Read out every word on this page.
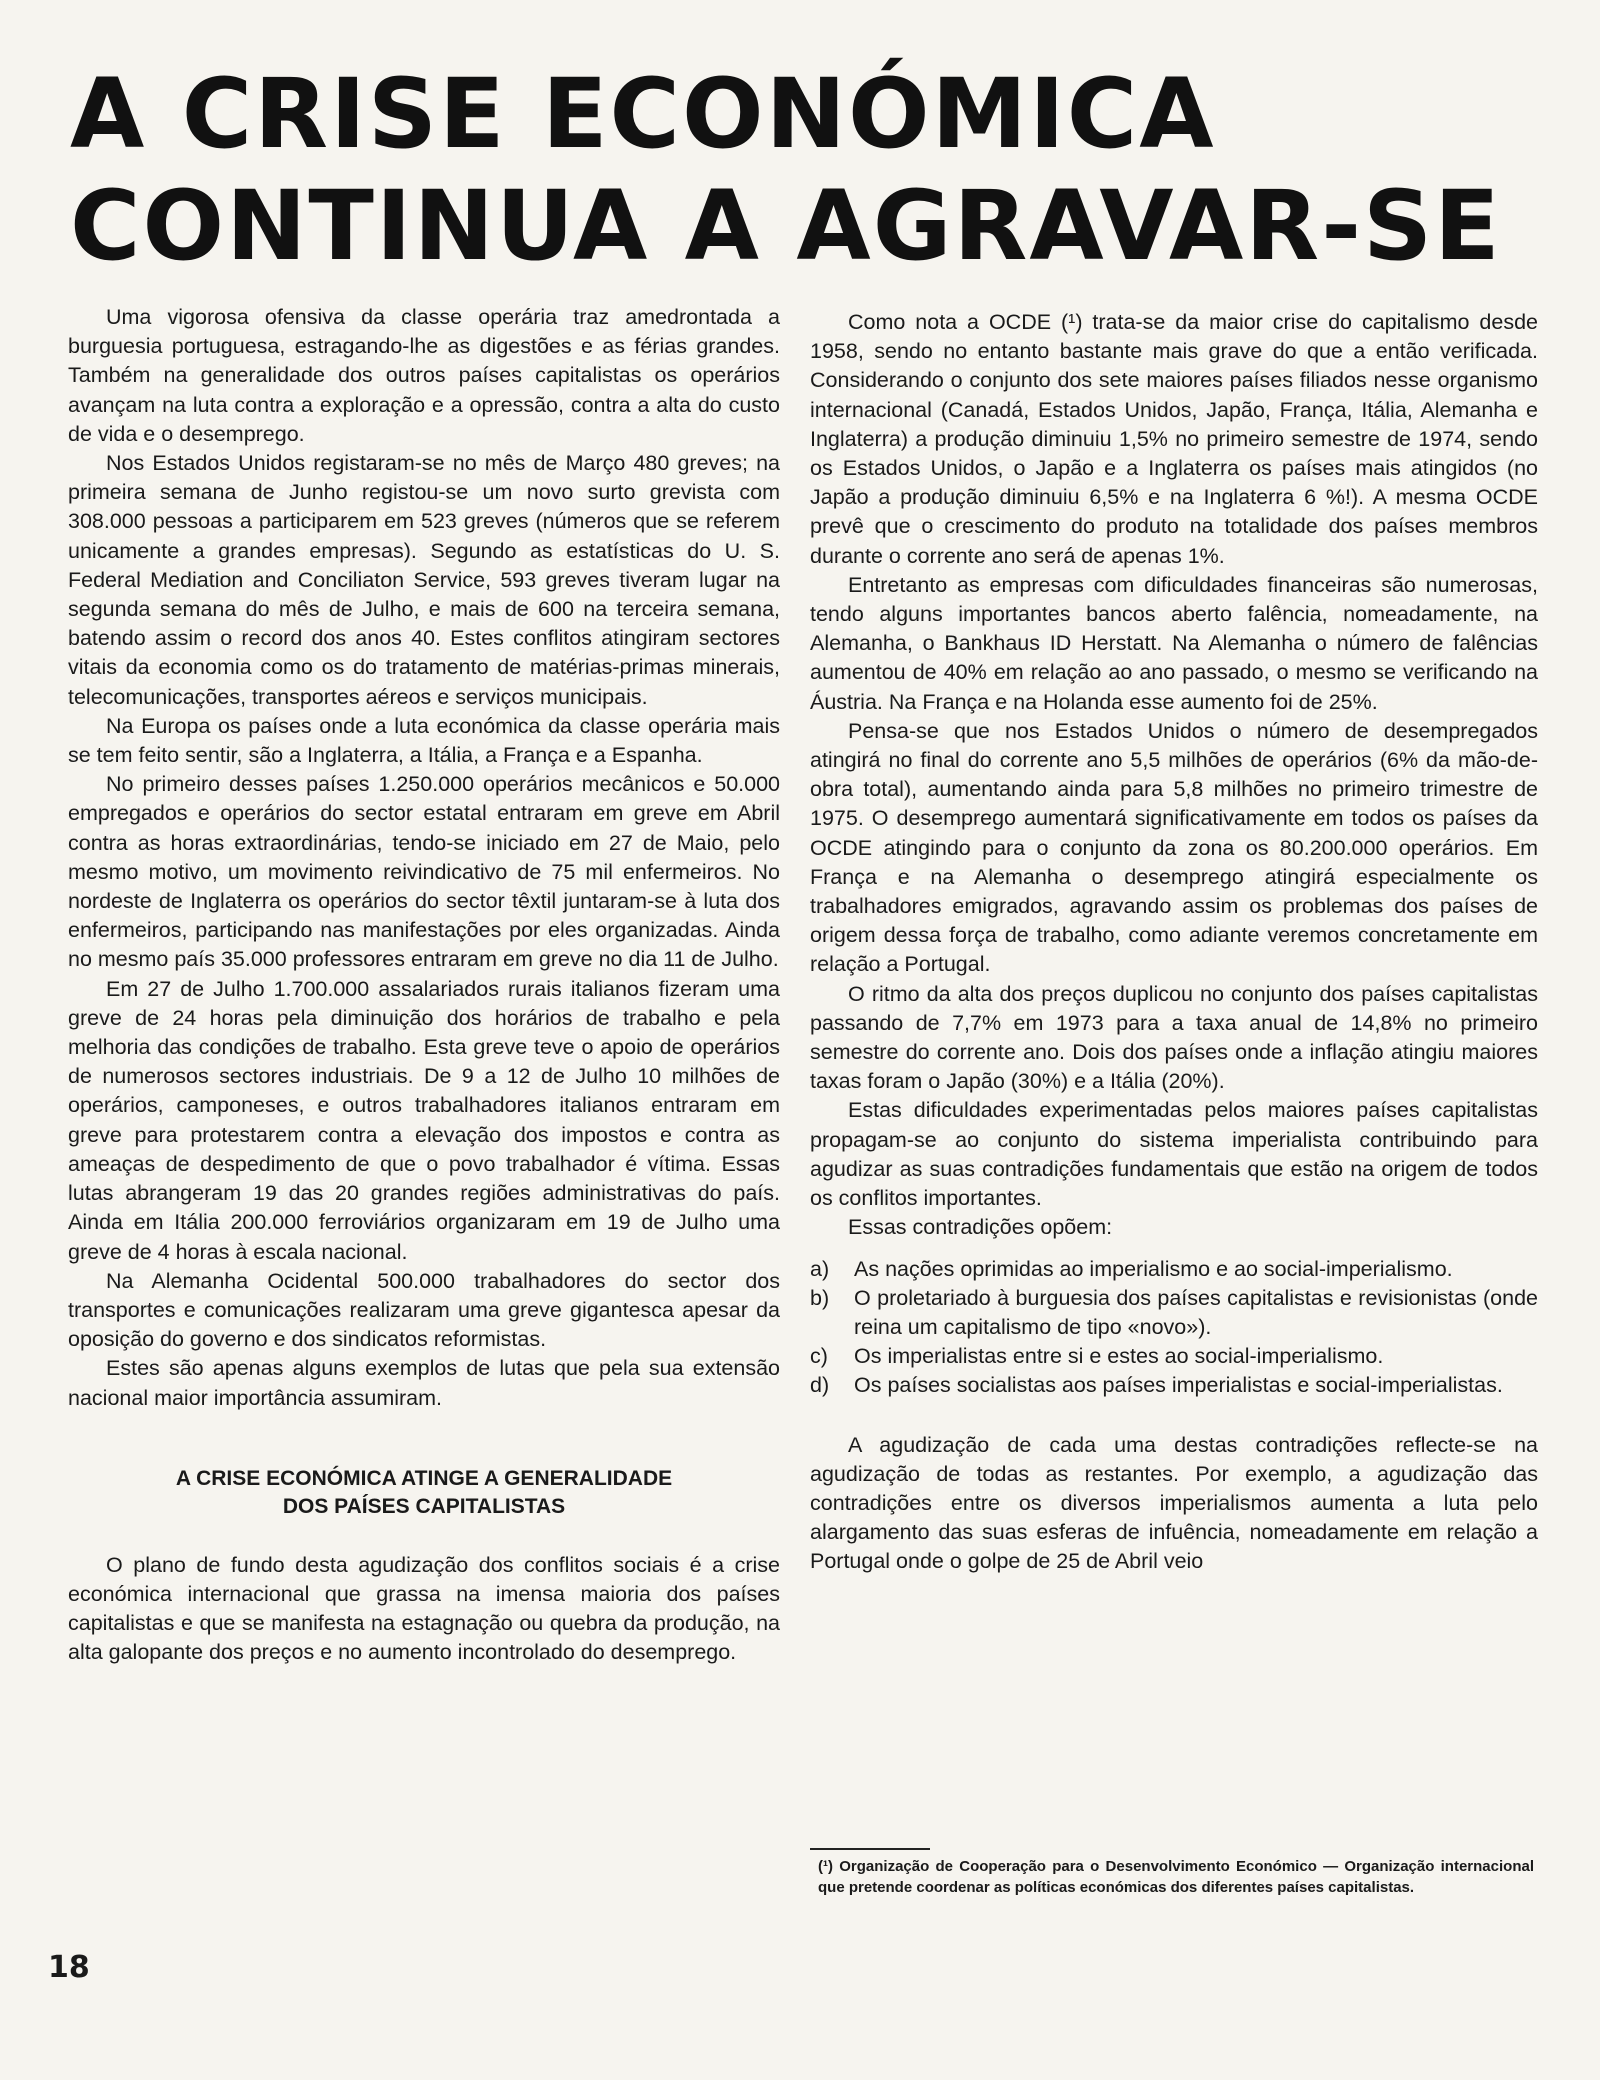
A CRISE ECONÓMICA
CONTINUA A AGRAVAR-SE

Uma vigorosa ofensiva da classe operária traz amedrontada a burguesia portuguesa, estragando-lhe as digestões e as férias grandes. Também na generalidade dos outros países capitalistas os operários avançam na luta contra a exploração e a opressão, contra a alta do custo de vida e o desemprego.

Nos Estados Unidos registaram-se no mês de Março 480 greves; na primeira semana de Junho registou-se um novo surto grevista com 308.000 pessoas a participarem em 523 greves (números que se referem unicamente a grandes empresas). Segundo as estatísticas do U. S. Federal Mediation and Conciliaton Service, 593 greves tiveram lugar na segunda semana do mês de Julho, e mais de 600 na terceira semana, batendo assim o record dos anos 40. Estes conflitos atingiram sectores vitais da economia como os do tratamento de matérias-primas minerais, telecomunicações, transportes aéreos e serviços municipais.

Na Europa os países onde a luta económica da classe operária mais se tem feito sentir, são a Inglaterra, a Itália, a França e a Espanha.

No primeiro desses países 1.250.000 operários mecânicos e 50.000 empregados e operários do sector estatal entraram em greve em Abril contra as horas extraordinárias, tendo-se iniciado em 27 de Maio, pelo mesmo motivo, um movimento reivindicativo de 75 mil enfermeiros. No nordeste de Inglaterra os operários do sector têxtil juntaram-se à luta dos enfermeiros, participando nas manifestações por eles organizadas. Ainda no mesmo país 35.000 professores entraram em greve no dia 11 de Julho.

Em 27 de Julho 1.700.000 assalariados rurais italianos fizeram uma greve de 24 horas pela diminuição dos horários de trabalho e pela melhoria das condições de trabalho. Esta greve teve o apoio de operários de numerosos sectores industriais. De 9 a 12 de Julho 10 milhões de operários, camponeses, e outros trabalhadores italianos entraram em greve para protestarem contra a elevação dos impostos e contra as ameaças de despedimento de que o povo trabalhador é vítima. Essas lutas abrangeram 19 das 20 grandes regiões administrativas do país. Ainda em Itália 200.000 ferroviários organizaram em 19 de Julho uma greve de 4 horas à escala nacional.

Na Alemanha Ocidental 500.000 trabalhadores do sector dos transportes e comunicações realizaram uma greve gigantesca apesar da oposição do governo e dos sindicatos reformistas.

Estes são apenas alguns exemplos de lutas que pela sua extensão nacional maior importância assumiram.

A CRISE ECONÓMICA ATINGE A GENERALIDADE
DOS PAÍSES CAPITALISTAS

O plano de fundo desta agudização dos conflitos sociais é a crise económica internacional que grassa na imensa maioria dos países capitalistas e que se manifesta na estagnação ou quebra da produção, na alta galopante dos preços e no aumento incontrolado do desemprego.

Como nota a OCDE (¹) trata-se da maior crise do capitalismo desde 1958, sendo no entanto bastante mais grave do que a então verificada. Considerando o conjunto dos sete maiores países filiados nesse organismo internacional (Canadá, Estados Unidos, Japão, França, Itália, Alemanha e Inglaterra) a produção diminuiu 1,5% no primeiro semestre de 1974, sendo os Estados Unidos, o Japão e a Inglaterra os países mais atingidos (no Japão a produção diminuiu 6,5% e na Inglaterra 6 %!). A mesma OCDE prevê que o crescimento do produto na totalidade dos países membros durante o corrente ano será de apenas 1%.

Entretanto as empresas com dificuldades financeiras são numerosas, tendo alguns importantes bancos aberto falência, nomeadamente, na Alemanha, o Bankhaus ID Herstatt. Na Alemanha o número de falências aumentou de 40% em relação ao ano passado, o mesmo se verificando na Áustria. Na França e na Holanda esse aumento foi de 25%.

Pensa-se que nos Estados Unidos o número de desempregados atingirá no final do corrente ano 5,5 milhões de operários (6% da mão-de-obra total), aumentando ainda para 5,8 milhões no primeiro trimestre de 1975. O desemprego aumentará significativamente em todos os países da OCDE atingindo para o conjunto da zona os 80.200.000 operários. Em França e na Alemanha o desemprego atingirá especialmente os trabalhadores emigrados, agravando assim os problemas dos países de origem dessa força de trabalho, como adiante veremos concretamente em relação a Portugal.

O ritmo da alta dos preços duplicou no conjunto dos países capitalistas passando de 7,7% em 1973 para a taxa anual de 14,8% no primeiro semestre do corrente ano. Dois dos países onde a inflação atingiu maiores taxas foram o Japão (30%) e a Itália (20%).

Estas dificuldades experimentadas pelos maiores países capitalistas propagam-se ao conjunto do sistema imperialista contribuindo para agudizar as suas contradições fundamentais que estão na origem de todos os conflitos importantes.

Essas contradições opõem:

a)	As nações oprimidas ao imperialismo e ao social-imperialismo.
b)	O proletariado à burguesia dos países capitalistas e revisionistas (onde reina um capitalismo de tipo «novo»).
c)	Os imperialistas entre si e estes ao social-imperialismo.
d)	Os países socialistas aos países imperialistas e social-imperialistas.

A agudização de cada uma destas contradições reflecte-se na agudização de todas as restantes. Por exemplo, a agudização das contradições entre os diversos imperialismos aumenta a luta pelo alargamento das suas esferas de infuência, nomeadamente em relação a Portugal onde o golpe de 25 de Abril veio

(¹) Organização de Cooperação para o Desenvolvimento Económico — Organização internacional que pretende coordenar as políticas económicas dos diferentes países capitalistas.

18
